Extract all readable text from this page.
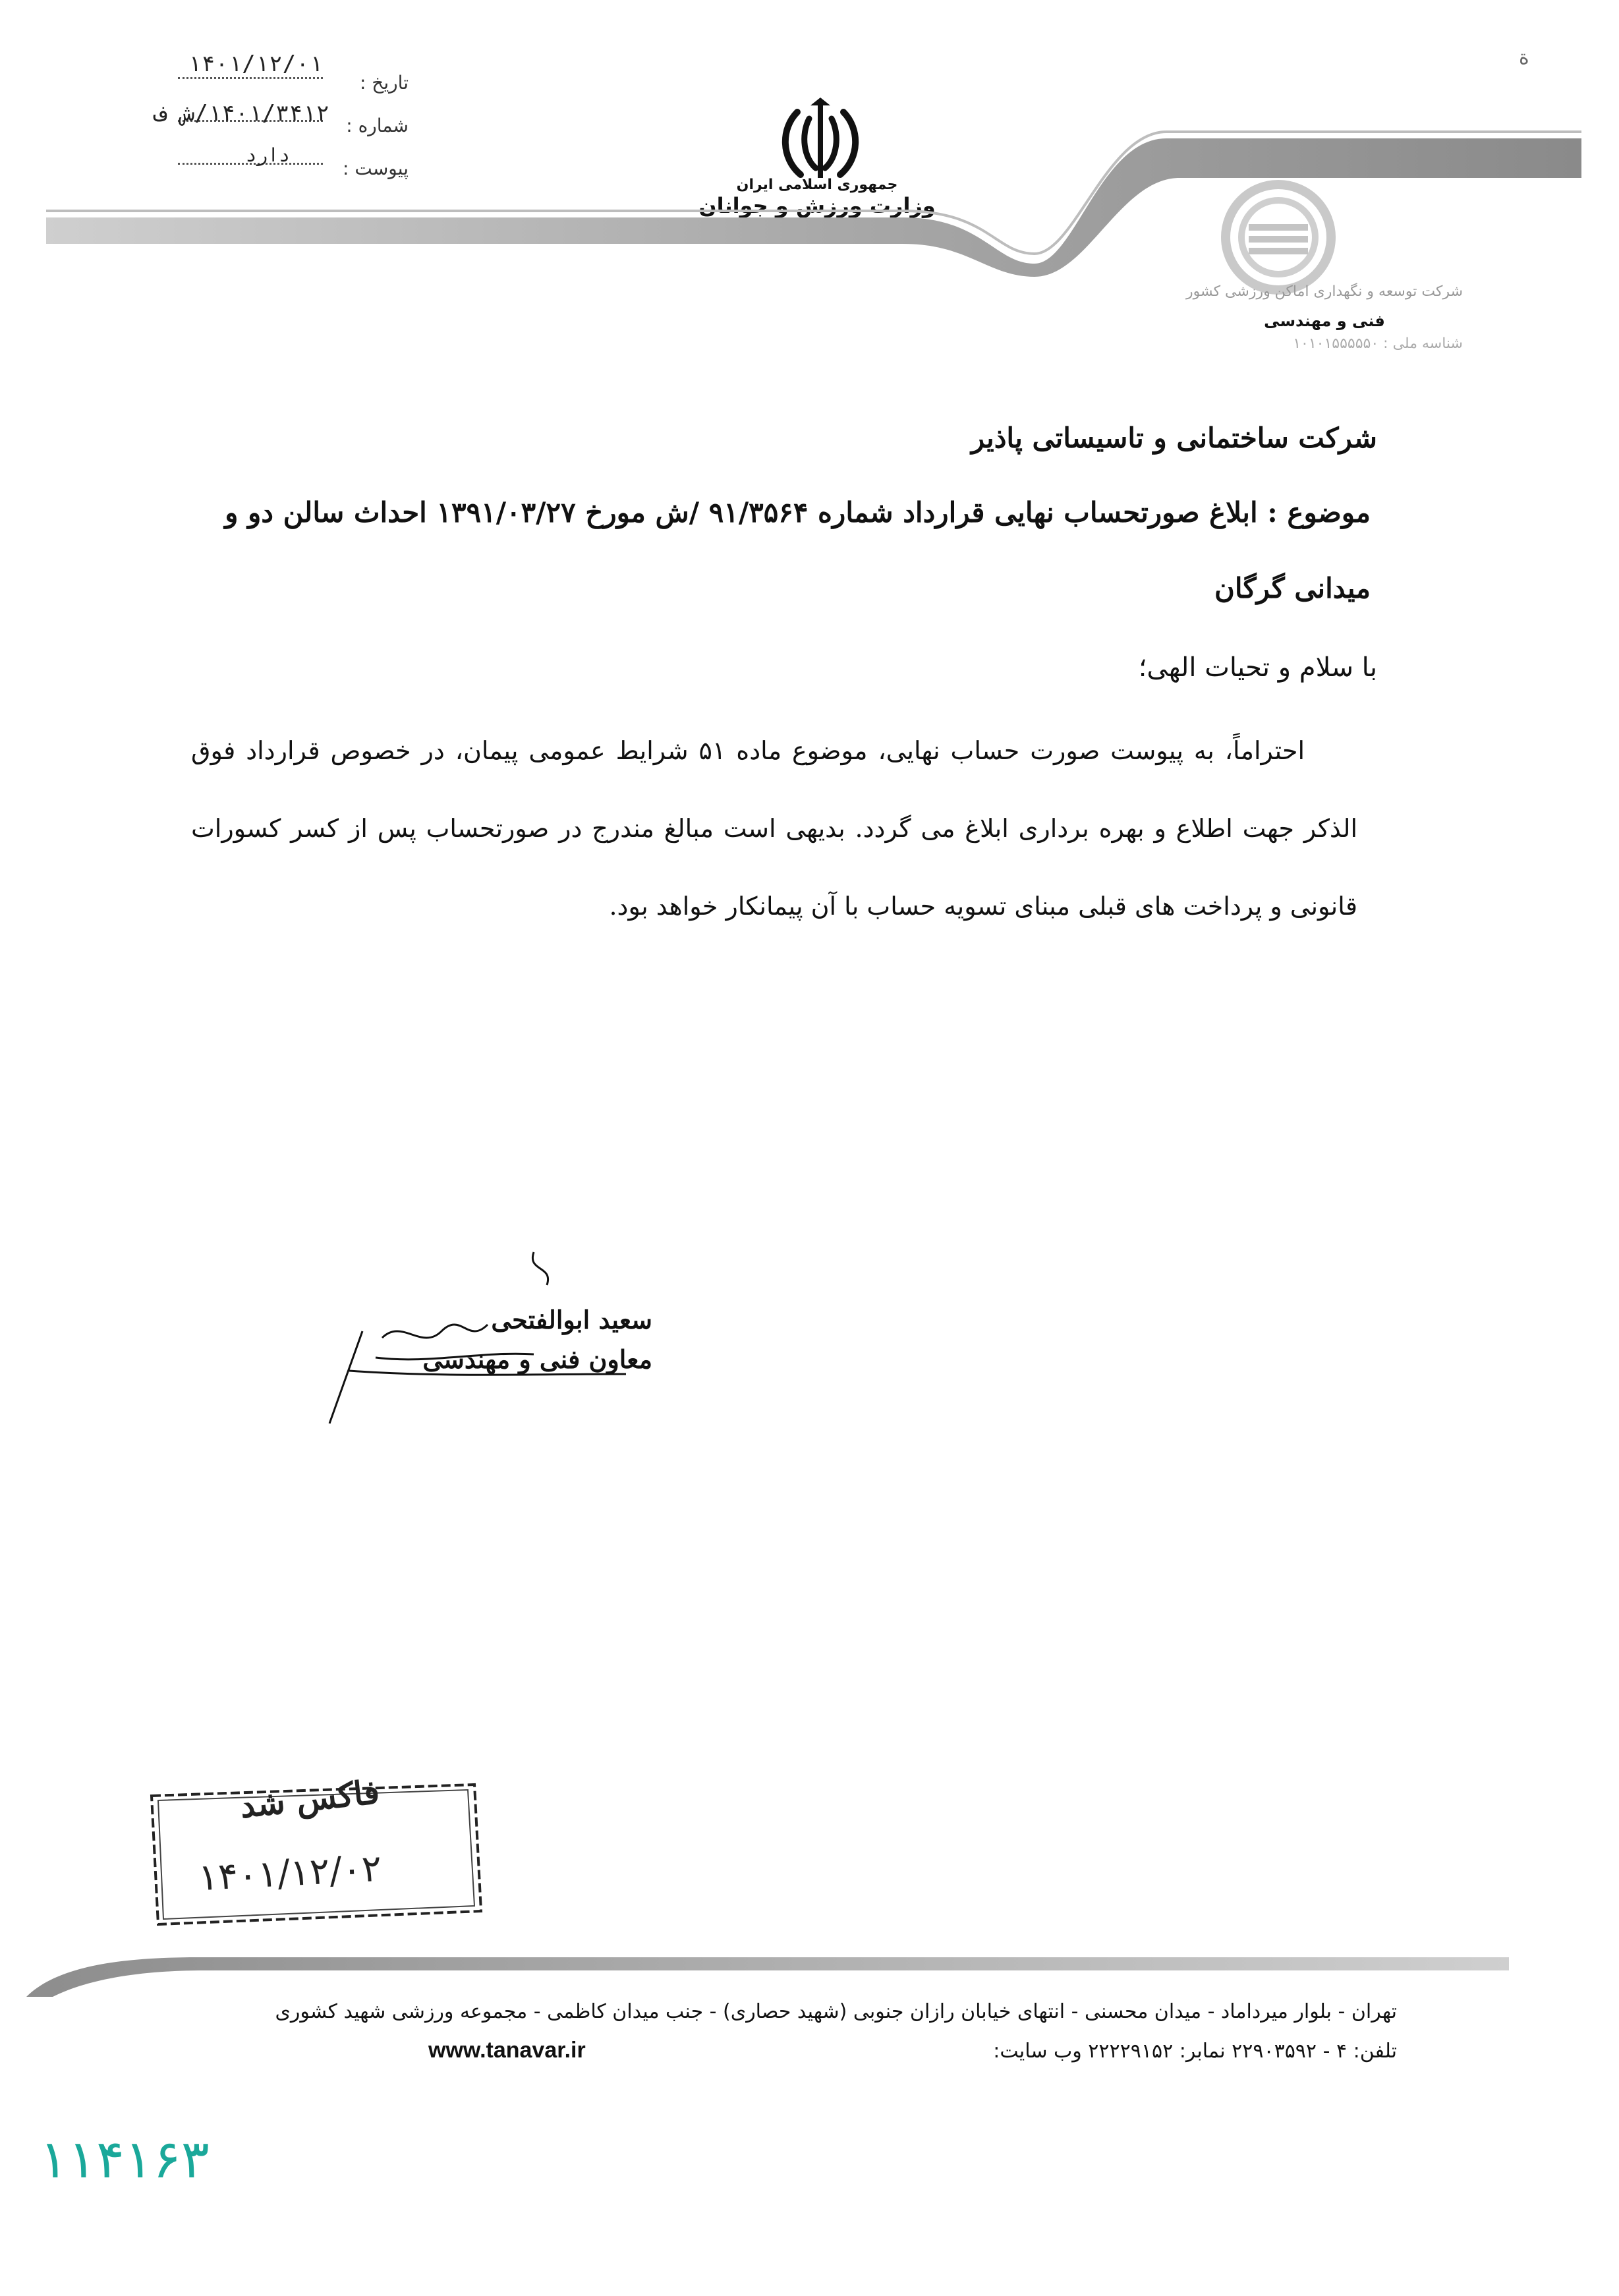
ة
تاریخ :
۱۴۰۱/۱۲/۰۱
شماره :
۱۴۰۱/۳۴۱۲/ش ف
پیوست :
دارد
جمهوری اسلامی ایران
وزارت ورزش و جوانان
شرکت توسعه و نگهداری اماکن ورزشی کشور
فنی و مهندسی
شناسه ملی : ۱۰۱۰۱۵۵۵۵۵۰
شرکت ساختمانی و تاسیساتی پاذیر
موضوع : ابلاغ صورتحساب نهایی قرارداد شماره ۹۱/۳۵۶۴ /ش مورخ ۱۳۹۱/۰۳/۲۷ احداث سالن دو و میدانی گرگان
با سلام و تحیات الهی؛
احتراماً، به پیوست صورت حساب نهایی، موضوع ماده ۵۱ شرایط عمومی پیمان، در خصوص قرارداد فوق الذکر جهت اطلاع و بهره برداری ابلاغ می گردد. بدیهی است مبالغ مندرج در صورتحساب پس از کسر کسورات قانونی و پرداخت های قبلی مبنای تسویه حساب با آن پیمانکار خواهد بود.
سعید ابوالفتحی
معاون فنی و مهندسی
فاکس شد
۱۴۰۱/۱۲/۰۲
تهران - بلوار میرداماد - میدان محسنی - انتهای خیابان رازان جنوبی (شهید حصاری) - جنب میدان کاظمی - مجموعه ورزشی شهید کشوری
تلفن: ۴ - ۲۲۹۰۳۵۹۲ نمابر: ۲۲۲۲۹۱۵۲ وب سایت:
www.tanavar.ir
۱۱۴۱۶۳
